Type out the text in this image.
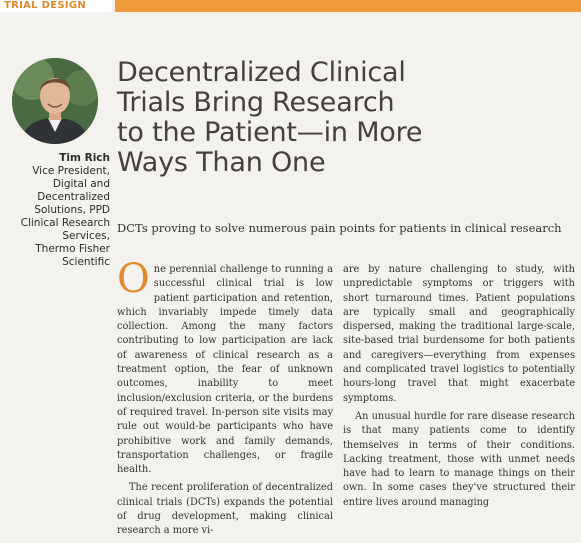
TRIAL DESIGN
Tim Rich
Vice President,
Digital and
Decentralized
Solutions, PPD
Clinical Research
Services,
Thermo Fisher
Scientific
Decentralized Clinical
Trials Bring Research
to the Patient—in More
Ways Than One

DCTs proving to solve numerous pain points for patients in clinical research

One perennial challenge to running a successful clinical trial is low patient participation and retention, which invariably impede timely data collection. Among the many factors contributing to low participation are lack of awareness of clinical research as a treatment option, the fear of unknown outcomes, inability to meet inclusion/exclusion criteria, or the burdens of required travel. In-person site visits may rule out would-be participants who have prohibitive work and family demands, transportation challenges, or fragile health.

The recent proliferation of decentralized clinical trials (DCTs) expands the potential of drug development, making clinical research a more vi-

are by nature challenging to study, with unpredictable symptoms or triggers with short turnaround times. Patient populations are typically small and geographically dispersed, making the traditional large-scale, site-based trial burdensome for both patients and caregivers—everything from expenses and complicated travel logistics to potentially hours-long travel that might exacerbate symptoms.

An unusual hurdle for rare disease research is that many patients come to identify themselves in terms of their conditions. Lacking treatment, those with unmet needs have had to learn to manage things on their own. In some cases they've structured their entire lives around managing
